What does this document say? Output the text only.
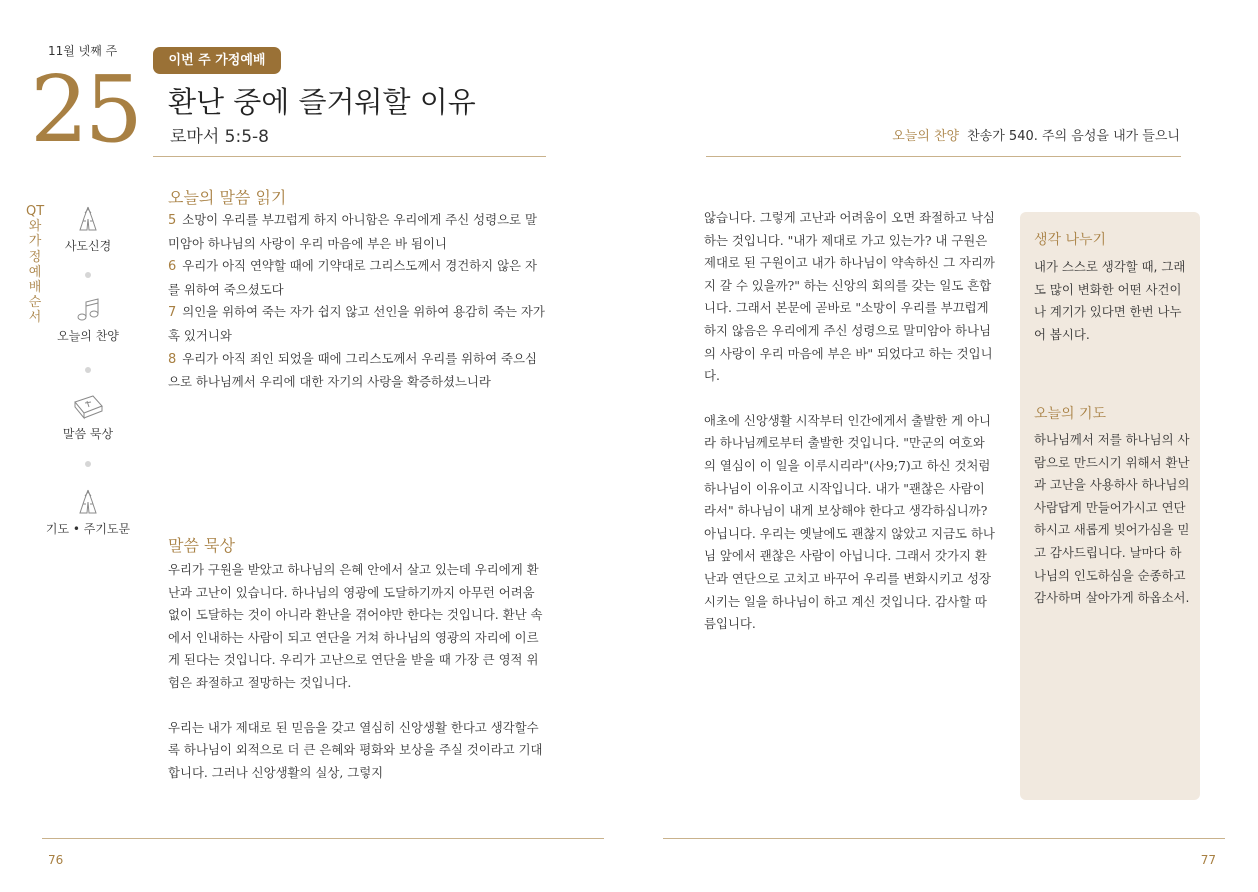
11월 넷째 주
25	이번 주 가정예배
환난 중에 즐거워할 이유
로마서 5:5-8	오늘의 찬양 찬송가 540. 주의 음성을 내가 들으니
QT와 가정예배 순서
사도신경
오늘의 찬양
말씀 묵상
기도 • 주기도문
오늘의 말씀 읽기

5 소망이 우리를 부끄럽게 하지 아니함은 우리에게 주신 성령으로 말미암아 하나님의 사랑이 우리 마음에 부은 바 됨이니

6 우리가 아직 연약할 때에 기약대로 그리스도께서 경건하지 않은 자를 위하여 죽으셨도다

7 의인을 위하여 죽는 자가 쉽지 않고 선인을 위하여 용감히 죽는 자가 혹 있거니와

8 우리가 아직 죄인 되었을 때에 그리스도께서 우리를 위하여 죽으심으로 하나님께서 우리에 대한 자기의 사랑을 확증하셨느니라

말씀 묵상

우리가 구원을 받았고 하나님의 은혜 안에서 살고 있는데 우리에게 환난과 고난이 있습니다. 하나님의 영광에 도달하기까지 아무런 어려움 없이 도달하는 것이 아니라 환난을 겪어야만 한다는 것입니다. 환난 속에서 인내하는 사람이 되고 연단을 거쳐 하나님의 영광의 자리에 이르게 된다는 것입니다. 우리가 고난으로 연단을 받을 때 가장 큰 영적 위험은 좌절하고 절망하는 것입니다.

우리는 내가 제대로 된 믿음을 갖고 열심히 신앙생활 한다고 생각할수록 하나님이 외적으로 더 큰 은혜와 평화와 보상을 주실 것이라고 기대합니다. 그러나 신앙생활의 실상, 그렇지

않습니다. 그렇게 고난과 어려움이 오면 좌절하고 낙심하는 것입니다. "내가 제대로 가고 있는가? 내 구원은 제대로 된 구원이고 내가 하나님이 약속하신 그 자리까지 갈 수 있을까?" 하는 신앙의 회의를 갖는 일도 흔합니다. 그래서 본문에 곧바로 "소망이 우리를 부끄럽게 하지 않음은 우리에게 주신 성령으로 말미암아 하나님의 사랑이 우리 마음에 부은 바" 되었다고 하는 것입니다.

애초에 신앙생활 시작부터 인간에게서 출발한 게 아니라 하나님께로부터 출발한 것입니다. "만군의 여호와의 열심이 이 일을 이루시리라"(사9;7)고 하신 것처럼 하나님이 이유이고 시작입니다. 내가 "괜찮은 사람이라서" 하나님이 내게 보상해야 한다고 생각하십니까? 아닙니다. 우리는 옛날에도 괜찮지 않았고 지금도 하나님 앞에서 괜찮은 사람이 아닙니다. 그래서 갓가지 환난과 연단으로 고치고 바꾸어 우리를 변화시키고 성장시키는 일을 하나님이 하고 계신 것입니다. 감사할 따름입니다.

생각 나누기
내가 스스로 생각할 때, 그래도 많이 변화한 어떤 사건이나 계기가 있다면 한번 나누어 봅시다.
오늘의 기도
하나님께서 저를 하나님의 사람으로 만드시기 위해서 환난과 고난을 사용하사 하나님의 사람답게 만들어가시고 연단하시고 새롭게 빚어가심을 믿고 감사드립니다. 날마다 하나님의 인도하심을 순종하고 감사하며 살아가게 하옵소서.
76	77
